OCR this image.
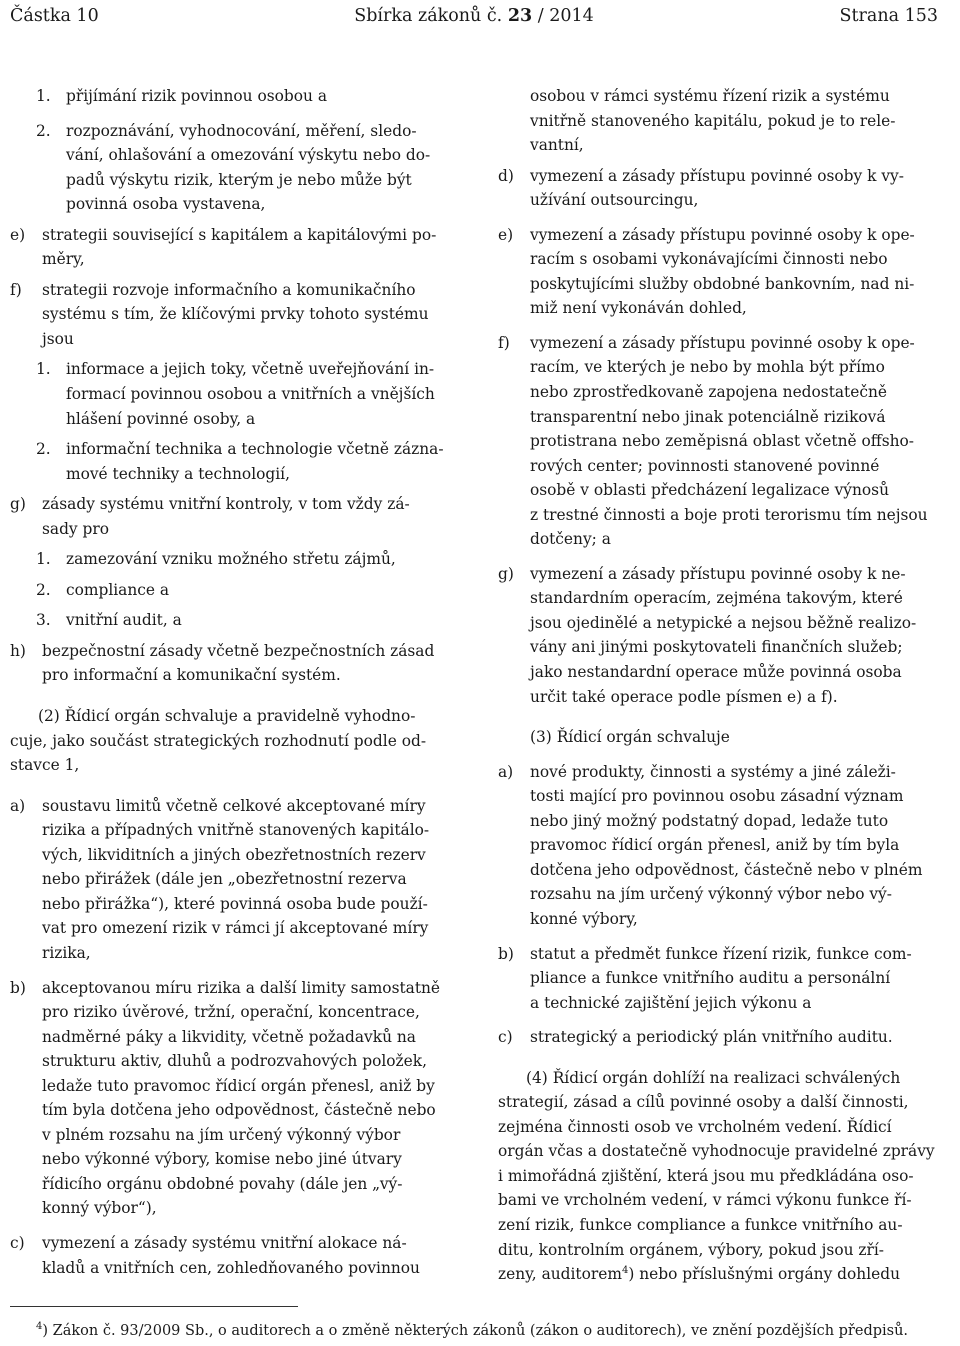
Částka 10	Sbírka zákonů č. 23 / 2014	Strana 153
1. přijímání rizik povinnou osobou a
2. rozpoznávání, vyhodnocování, měření, sledo-
vání, ohlašování a omezování výskytu nebo do-
padů výskytu rizik, kterým je nebo může být
povinná osoba vystavena,
e) strategii související s kapitálem a kapitálovými po-
měry,
f) strategii rozvoje informačního a komunikačního
systému s tím, že klíčovými prvky tohoto systému
jsou
1. informace a jejich toky, včetně uveřejňování in-
formací povinnou osobou a vnitřních a vnějších
hlášení povinné osoby, a
2. informační technika a technologie včetně zázna-
mové techniky a technologií,
g) zásady systému vnitřní kontroly, v tom vždy zá-
sady pro
1. zamezování vzniku možného střetu zájmů,
2. compliance a
3. vnitřní audit, a
h) bezpečnostní zásady včetně bezpečnostních zásad
pro informační a komunikační systém.
(2) Řídicí orgán schvaluje a pravidelně vyhodno-
cuje, jako součást strategických rozhodnutí podle od-
stavce 1,
a) soustavu limitů včetně celkové akceptované míry
rizika a případných vnitřně stanovených kapitálo-
vých, likviditních a jiných obezřetnostních rezerv
nebo přirážek (dále jen „obezřetnostní rezerva
nebo přirážka“), které povinná osoba bude použí-
vat pro omezení rizik v rámci jí akceptované míry
rizika,
b) akceptovanou míru rizika a další limity samostatně
pro riziko úvěrové, tržní, operační, koncentrace,
nadměrné páky a likvidity, včetně požadavků na
strukturu aktiv, dluhů a podrozvahových položek,
ledaže tuto pravomoc řídicí orgán přenesl, aniž by
tím byla dotčena jeho odpovědnost, částečně nebo
v plném rozsahu na jím určený výkonný výbor
nebo výkonné výbory, komise nebo jiné útvary
řídicího orgánu obdobné povahy (dále jen „vý-
konný výbor“),
c) vymezení a zásady systému vnitřní alokace ná-
kladů a vnitřních cen, zohledňovaného povinnou
osobou v rámci systému řízení rizik a systému
vnitřně stanoveného kapitálu, pokud je to rele-
vantní,
d) vymezení a zásady přístupu povinné osoby k vy-
užívání outsourcingu,
e) vymezení a zásady přístupu povinné osoby k ope-
racím s osobami vykonávajícími činnosti nebo
poskytujícími služby obdobné bankovním, nad ni-
miž není vykonáván dohled,
f) vymezení a zásady přístupu povinné osoby k ope-
racím, ve kterých je nebo by mohla být přímo
nebo zprostředkovaně zapojena nedostatečně
transparentní nebo jinak potenciálně riziková
protistrana nebo zeměpisná oblast včetně offsho-
rových center; povinnosti stanovené povinné
osobě v oblasti předcházení legalizace výnosů
z trestné činnosti a boje proti terorismu tím nejsou
dotčeny; a
g) vymezení a zásady přístupu povinné osoby k ne-
standardním operacím, zejména takovým, které
jsou ojedinělé a netypické a nejsou běžně realizo-
vány ani jinými poskytovateli finančních služeb;
jako nestandardní operace může povinná osoba
určit také operace podle písmen e) a f).
(3) Řídicí orgán schvaluje
a) nové produkty, činnosti a systémy a jiné záleži-
tosti mající pro povinnou osobu zásadní význam
nebo jiný možný podstatný dopad, ledaže tuto
pravomoc řídicí orgán přenesl, aniž by tím byla
dotčena jeho odpovědnost, částečně nebo v plném
rozsahu na jím určený výkonný výbor nebo vý-
konné výbory,
b) statut a předmět funkce řízení rizik, funkce com-
pliance a funkce vnitřního auditu a personální
a technické zajištění jejich výkonu a
c) strategický a periodický plán vnitřního auditu.
(4) Řídicí orgán dohlíží na realizaci schválených
strategií, zásad a cílů povinné osoby a další činnosti,
zejména činnosti osob ve vrcholném vedení. Řídicí
orgán včas a dostatečně vyhodnocuje pravidelné zprávy
i mimořádná zjištění, která jsou mu předkládána oso-
bami ve vrcholném vedení, v rámci výkonu funkce ří-
zení rizik, funkce compliance a funkce vnitřního au-
ditu, kontrolním orgánem, výbory, pokud jsou zří-
zeny, auditorem$^4$) nebo příslušnými orgány dohledu
$^4$) Zákon č. 93/2009 Sb., o auditorech a o změně některých zákonů (zákon o auditorech), ve znění pozdějších předpisů.
